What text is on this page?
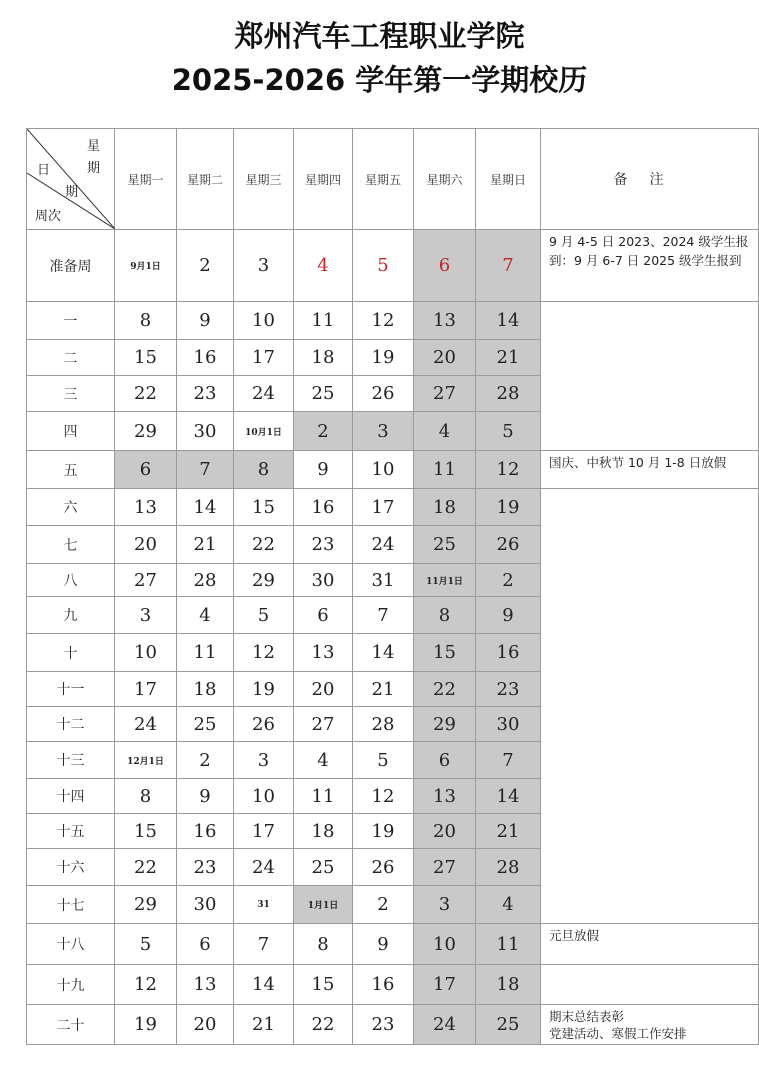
郑州汽车工程职业学院
2025-2026 学年第一学期校历
星
期
日
期
周次	星期一	星期二	星期三	星期四	星期五	星期六	星期日	备注
准备周	9月1日	2	3	4	5	6	7	9 月 4-5 日 2023、2024 级学生报到：9 月 6-7 日 2025 级学生报到
一	8	9	10	11	12	13	14	
二	15	16	17	18	19	20	21	
三	22	23	24	25	26	27	28	
四	29	30	10月1日	2	3	4	5	
五	6	7	8	9	10	11	12	国庆、中秋节 10 月 1-8 日放假
六	13	14	15	16	17	18	19	
七	20	21	22	23	24	25	26	
八	27	28	29	30	31	11月1日	2	
九	3	4	5	6	7	8	9	
十	10	11	12	13	14	15	16	
十一	17	18	19	20	21	22	23	
十二	24	25	26	27	28	29	30	
十三	12月1日	2	3	4	5	6	7	
十四	8	9	10	11	12	13	14	
十五	15	16	17	18	19	20	21	
十六	22	23	24	25	26	27	28	
十七	29	30	31	1月1日	2	3	4	
十八	5	6	7	8	9	10	11	元旦放假
十九	12	13	14	15	16	17	18	
二十	19	20	21	22	23	24	25	期末总结表彰
党建活动、寒假工作安排
